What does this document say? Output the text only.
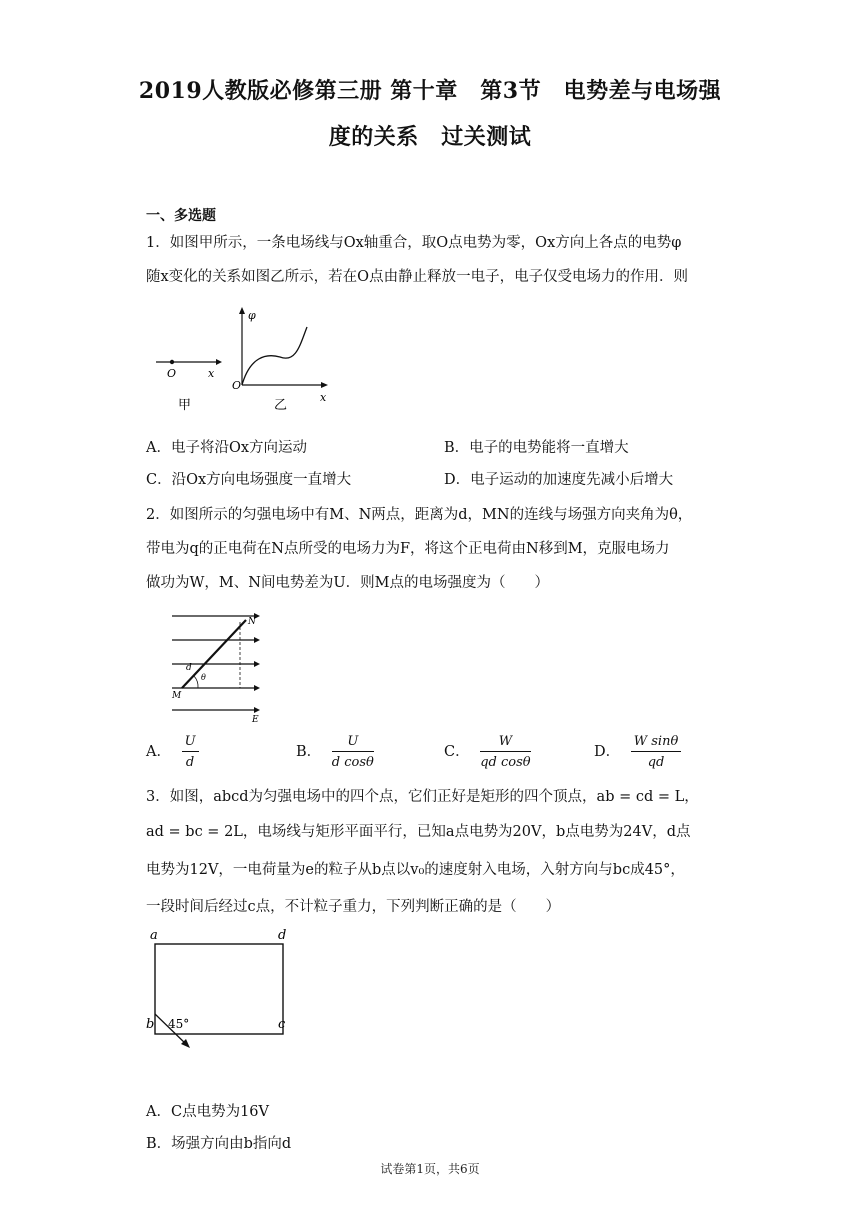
2019人教版必修第三册 第十章　第3节　电势差与电场强
度的关系　过关测试
一、多选题
1．如图甲所示，一条电场线与Ox轴重合，取O点电势为零，Ox方向上各点的电势φ
随x变化的关系如图乙所示，若在O点由静止释放一电子，电子仅受电场力的作用．则
O	x
甲
φ
O
x
乙
A．电子将沿Ox方向运动	B．电子的电势能将一直增大
C．沿Ox方向电场强度一直增大	D．电子运动的加速度先减小后增大
2．如图所示的匀强电场中有M、N两点，距离为d，MN的连线与场强方向夹角为θ，
带电为q的正电荷在N点所受的电场力为F，将这个正电荷由N移到M，克服电场力
做功为W，M、N间电势差为U．则M点的电场强度为（　　）
N
M
d
θ
E
A． $\frac{U}{d}$	B． $\frac{U}{\text{d cosθ}}$	C． $\frac{W}{\text{qd cosθ}}$	D． $\frac{\text{W sinθ}}{qd}$
3．如图，abcd为匀强电场中的四个点，它们正好是矩形的四个顶点，ab = cd = L，
ad = bc = 2L，电场线与矩形平面平行，已知a点电势为20V，b点电势为24V，d点
电势为12V，一电荷量为e的粒子从b点以v₀的速度射入电场，入射方向与bc成45°，
一段时间后经过c点，不计粒子重力，下列判断正确的是（　　）
a	d
b	c
45°
A．C点电势为16V
B．场强方向由b指向d
试卷第1页，共6页
